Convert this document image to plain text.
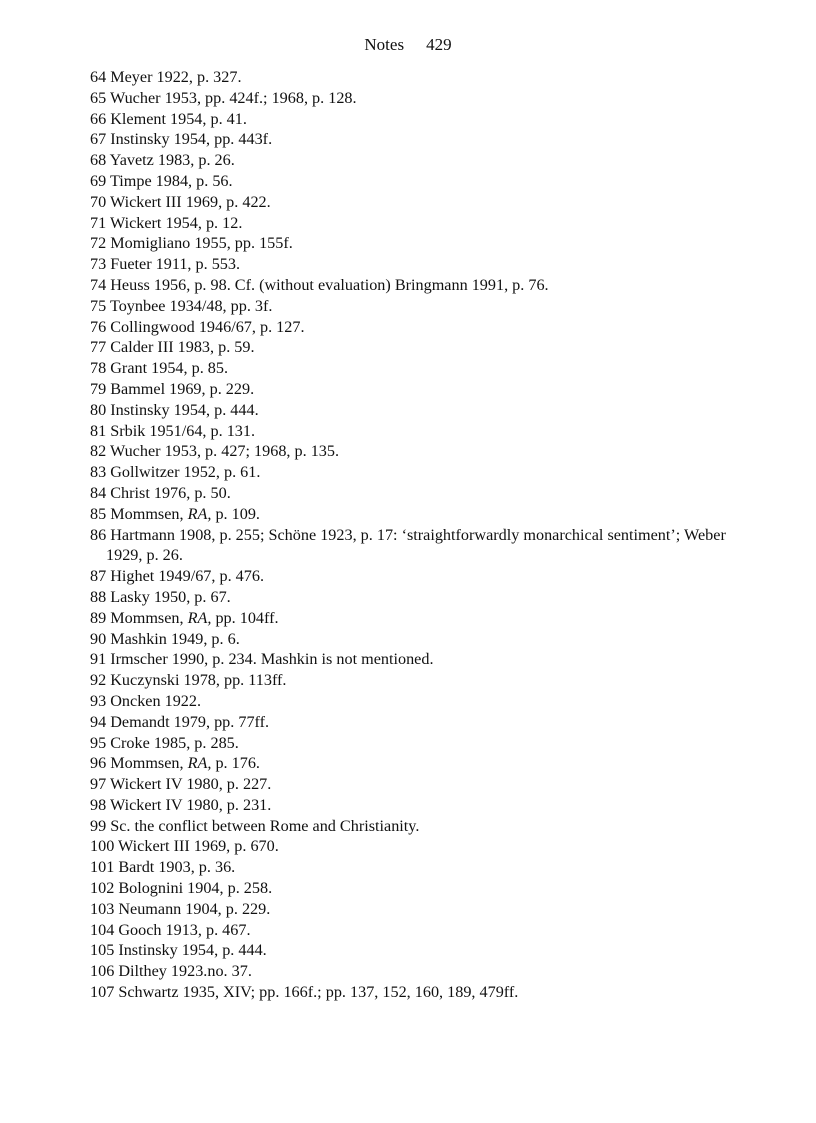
Notes 429
64 Meyer 1922, p. 327.
65 Wucher 1953, pp. 424f.; 1968, p. 128.
66 Klement 1954, p. 41.
67 Instinsky 1954, pp. 443f.
68 Yavetz 1983, p. 26.
69 Timpe 1984, p. 56.
70 Wickert III 1969, p. 422.
71 Wickert 1954, p. 12.
72 Momigliano 1955, pp. 155f.
73 Fueter 1911, p. 553.
74 Heuss 1956, p. 98. Cf. (without evaluation) Bringmann 1991, p. 76.
75 Toynbee 1934/48, pp. 3f.
76 Collingwood 1946/67, p. 127.
77 Calder III 1983, p. 59.
78 Grant 1954, p. 85.
79 Bammel 1969, p. 229.
80 Instinsky 1954, p. 444.
81 Srbik 1951/64, p. 131.
82 Wucher 1953, p. 427; 1968, p. 135.
83 Gollwitzer 1952, p. 61.
84 Christ 1976, p. 50.
85 Mommsen, RA, p. 109.
86 Hartmann 1908, p. 255; Schöne 1923, p. 17: ‘straightforwardly monarchical sentiment’; Weber 1929, p. 26.
87 Highet 1949/67, p. 476.
88 Lasky 1950, p. 67.
89 Mommsen, RA, pp. 104ff.
90 Mashkin 1949, p. 6.
91 Irmscher 1990, p. 234. Mashkin is not mentioned.
92 Kuczynski 1978, pp. 113ff.
93 Oncken 1922.
94 Demandt 1979, pp. 77ff.
95 Croke 1985, p. 285.
96 Mommsen, RA, p. 176.
97 Wickert IV 1980, p. 227.
98 Wickert IV 1980, p. 231.
99 Sc. the conflict between Rome and Christianity.
100 Wickert III 1969, p. 670.
101 Bardt 1903, p. 36.
102 Bolognini 1904, p. 258.
103 Neumann 1904, p. 229.
104 Gooch 1913, p. 467.
105 Instinsky 1954, p. 444.
106 Dilthey 1923.no. 37.
107 Schwartz 1935, XIV; pp. 166f.; pp. 137, 152, 160, 189, 479ff.
